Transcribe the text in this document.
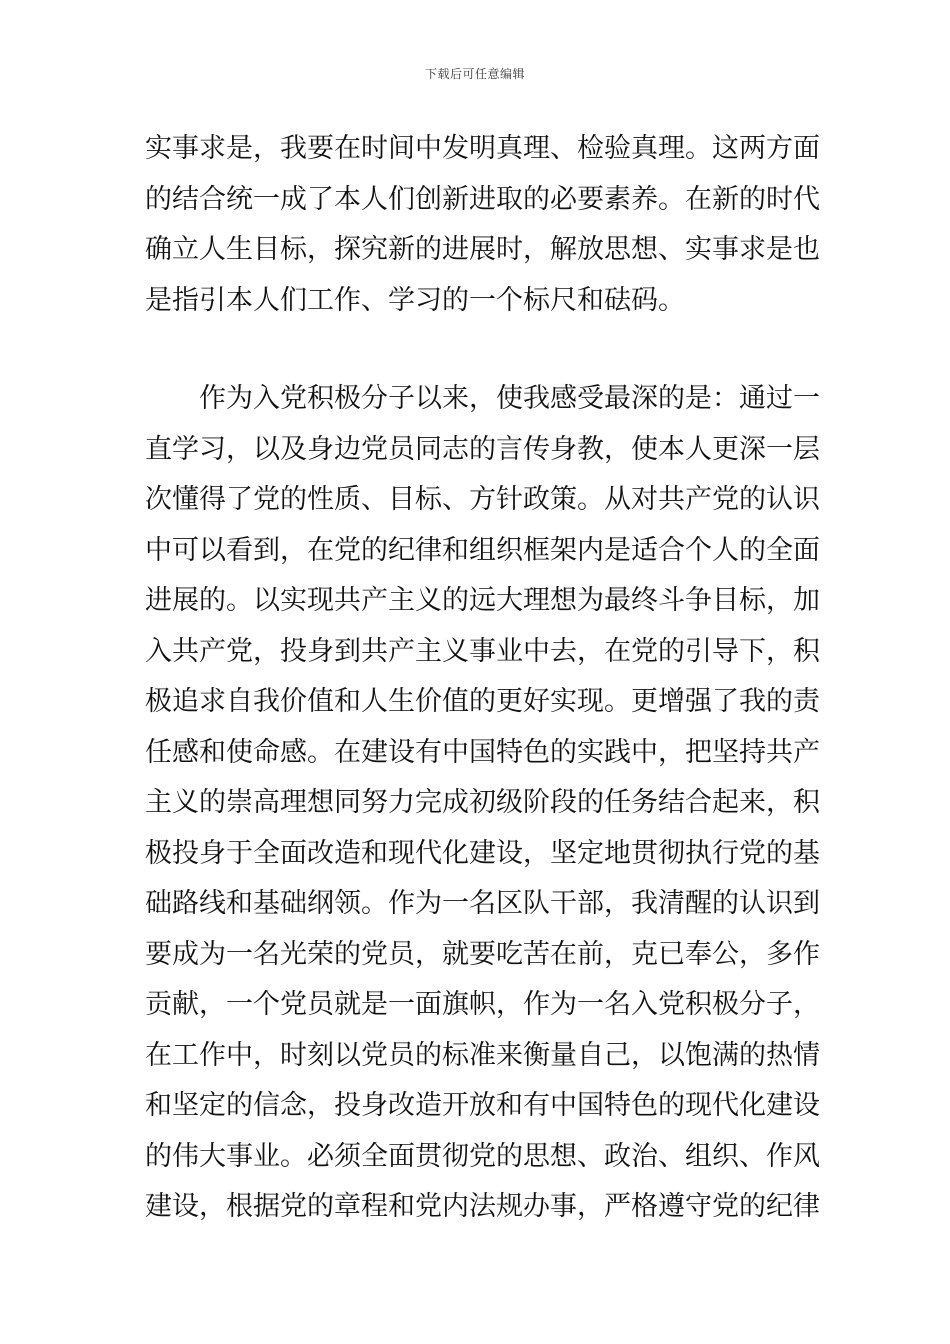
下载后可任意编辑
实事求是，我要在时间中发明真理、检验真理。这两方面
的结合统一成了本人们创新进取的必要素养。在新的时代
确立人生目标，探究新的进展时，解放思想、实事求是也
是指引本人们工作、学习的一个标尺和砝码。
　　作为入党积极分子以来，使我感受最深的是：通过一
直学习，以及身边党员同志的言传身教，使本人更深一层
次懂得了党的性质、目标、方针政策。从对共产党的认识
中可以看到，在党的纪律和组织框架内是适合个人的全面
进展的。以实现共产主义的远大理想为最终斗争目标，加
入共产党，投身到共产主义事业中去，在党的引导下，积
极追求自我价值和人生价值的更好实现。更增强了我的责
任感和使命感。在建设有中国特色的实践中，把坚持共产
主义的崇高理想同努力完成初级阶段的任务结合起来，积
极投身于全面改造和现代化建设，坚定地贯彻执行党的基
础路线和基础纲领。作为一名区队干部，我清醒的认识到
要成为一名光荣的党员，就要吃苦在前，克已奉公，多作
贡献，一个党员就是一面旗帜，作为一名入党积极分子，
在工作中，时刻以党员的标准来衡量自己，以饱满的热情
和坚定的信念，投身改造开放和有中国特色的现代化建设
的伟大事业。必须全面贯彻党的思想、政治、组织、作风
建设，根据党的章程和党内法规办事，严格遵守党的纪律
